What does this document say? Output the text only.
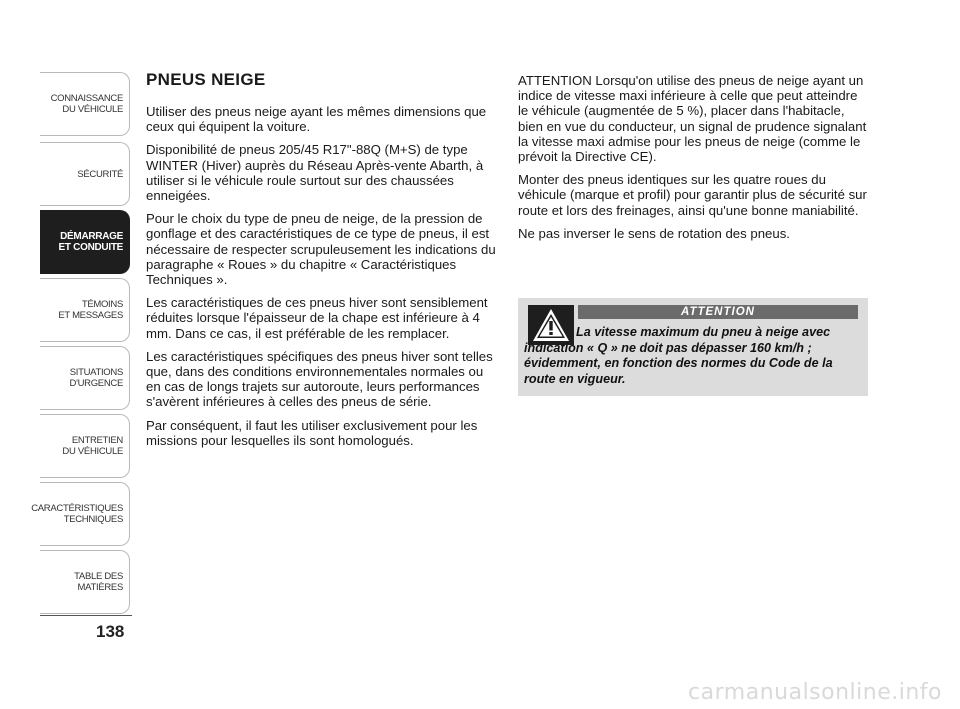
CONNAISSANCE
DU VÉHICULE
SÉCURITÉ
DÉMARRAGE
ET CONDUITE
TÉMOINS
ET MESSAGES
SITUATIONS
D'URGENCE
ENTRETIEN
DU VÉHICULE
CARACTÉRISTIQUES
TECHNIQUES
TABLE DES
MATIÈRES
138
PNEUS NEIGE

Utiliser des pneus neige ayant les mêmes dimensions que ceux qui équipent la voiture.

Disponibilité de pneus 205/45 R17"-88Q (M+S) de type WINTER (Hiver) auprès du Réseau Après-vente Abarth, à utiliser si le véhicule roule surtout sur des chaussées enneigées.

Pour le choix du type de pneu de neige, de la pression de gonflage et des caractéristiques de ce type de pneus, il est nécessaire de respecter scrupuleusement les indications du paragraphe « Roues » du chapitre « Caractéristiques Techniques ».

Les caractéristiques de ces pneus hiver sont sensiblement réduites lorsque l'épaisseur de la chape est inférieure à 4 mm. Dans ce cas, il est préférable de les remplacer.

Les caractéristiques spécifiques des pneus hiver sont telles que, dans des conditions environnementales normales ou en cas de longs trajets sur autoroute, leurs performances s'avèrent inférieures à celles des pneus de série.

Par conséquent, il faut les utiliser exclusivement pour les missions pour lesquelles ils sont homologués.

ATTENTION Lorsqu'on utilise des pneus de neige ayant un indice de vitesse maxi inférieure à celle que peut atteindre le véhicule (augmentée de 5 %), placer dans l'habitacle, bien en vue du conducteur, un signal de prudence signalant la vitesse maxi admise pour les pneus de neige (comme le prévoit la Directive CE).

Monter des pneus identiques sur les quatre roues du véhicule (marque et profil) pour garantir plus de sécurité sur route et lors des freinages, ainsi qu'une bonne maniabilité.

Ne pas inverser le sens de rotation des pneus.

ATTENTION
La vitesse maximum du pneu à neige avec indication « Q » ne doit pas dépasser 160 km/h ; évidemment, en fonction des normes du Code de la route en vigueur.
carmanualsonline.info
